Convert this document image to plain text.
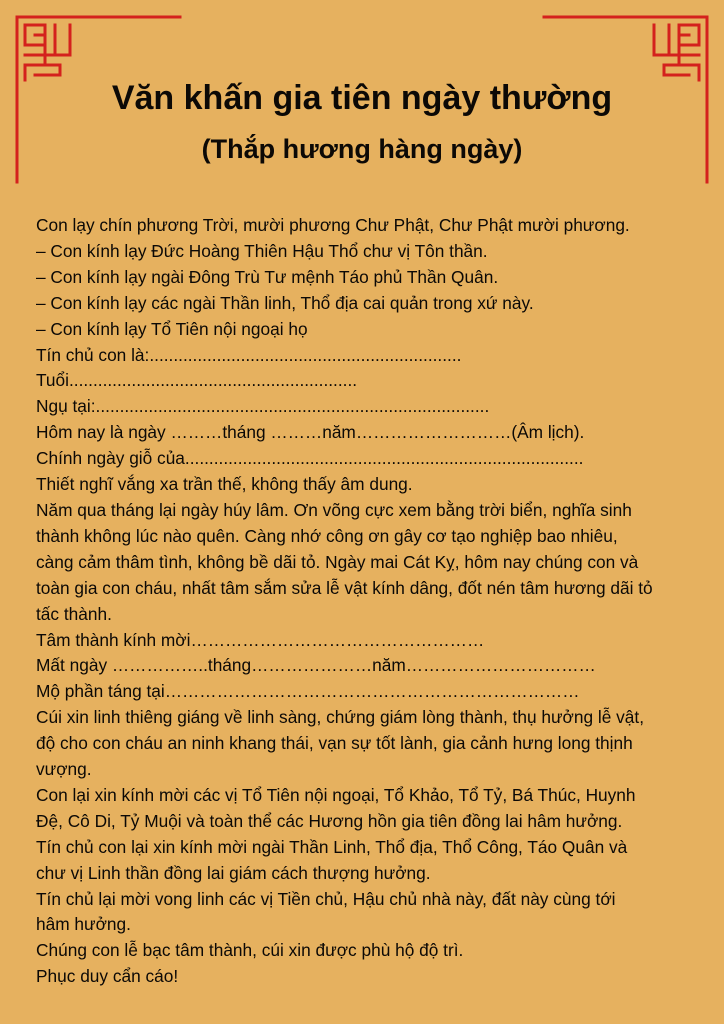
Văn khấn gia tiên ngày thường
(Thắp hương hàng ngày)

Con lạy chín phương Trời, mười phương Chư Phật, Chư Phật mười phương.

– Con kính lạy Đức Hoàng Thiên Hậu Thổ chư vị Tôn thần.

– Con kính lạy ngài Đông Trù Tư mệnh Táo phủ Thần Quân.

– Con kính lạy các ngài Thần linh, Thổ địa cai quản trong xứ này.

– Con kính lạy Tổ Tiên nội ngoại họ

Tín chủ con là:.................................................................

Tuổi............................................................

Ngụ tại:..................................................................................

Hôm nay là ngày ………tháng ………năm………………………(Âm lịch).

Chính ngày giỗ của...................................................................................

Thiết nghĩ vắng xa trần thế, không thấy âm dung.

Năm qua tháng lại ngày húy lâm. Ơn võng cực xem bằng trời biển, nghĩa sinh

thành không lúc nào quên. Càng nhớ công ơn gây cơ tạo nghiệp bao nhiêu,

càng cảm thâm tình, không bề dãi tỏ. Ngày mai Cát Kỵ, hôm nay chúng con và

toàn gia con cháu, nhất tâm sắm sửa lễ vật kính dâng, đốt nén tâm hương dãi tỏ

tấc thành.

Tâm thành kính mời……………………………………………

Mất ngày ……………..tháng…………………năm……………………………

Mộ phần táng tại………………………………………………………………

Cúi xin linh thiêng giáng về linh sàng, chứng giám lòng thành, thụ hưởng lễ vật,

độ cho con cháu an ninh khang thái, vạn sự tốt lành, gia cảnh hưng long thịnh

vượng.

Con lại xin kính mời các vị Tổ Tiên nội ngoại, Tổ Khảo, Tổ Tỷ, Bá Thúc, Huynh

Đệ, Cô Di, Tỷ Muội và toàn thể các Hương hồn gia tiên đồng lai hâm hưởng.

Tín chủ con lại xin kính mời ngài Thần Linh, Thổ địa, Thổ Công, Táo Quân và

chư vị Linh thần đồng lai giám cách thượng hưởng.

Tín chủ lại mời vong linh các vị Tiền chủ, Hậu chủ nhà này, đất này cùng tới

hâm hưởng.

Chúng con lễ bạc tâm thành, cúi xin được phù hộ độ trì.

Phục duy cẩn cáo!
